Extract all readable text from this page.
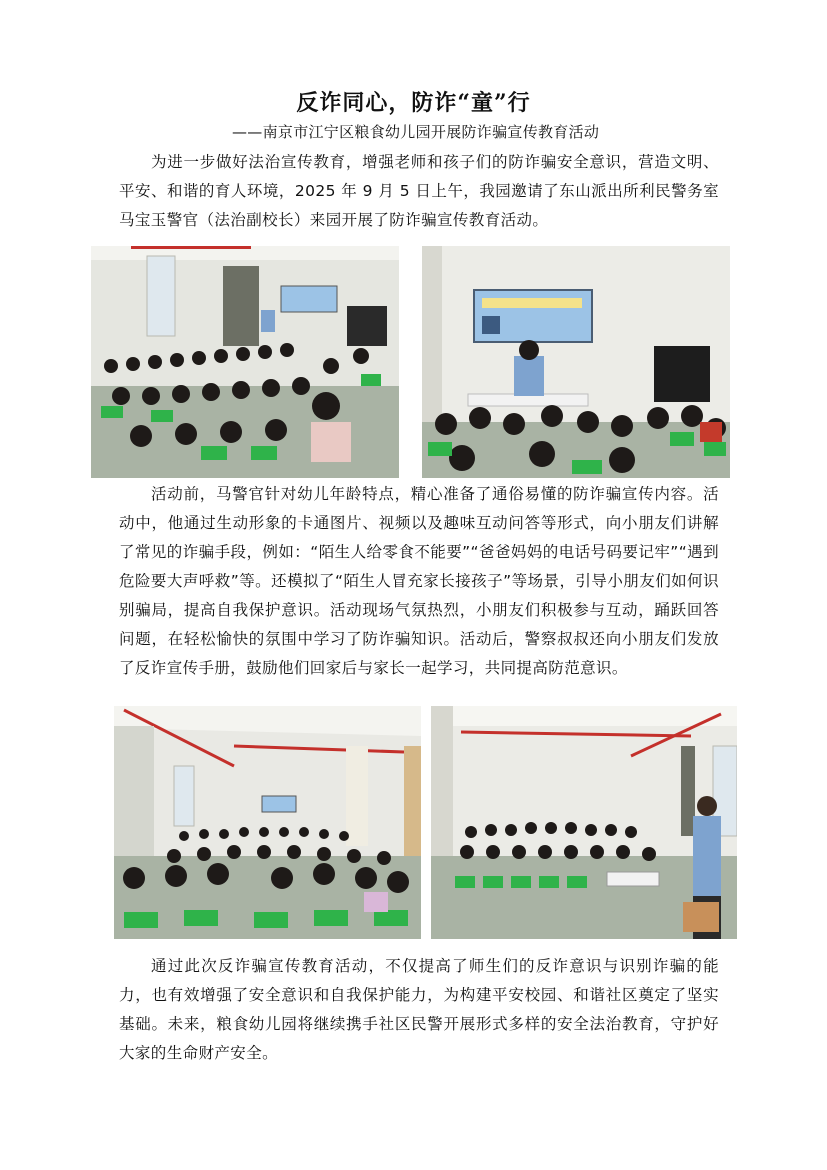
反诈同心，防诈“童”行
——南京市江宁区粮食幼儿园开展防诈骗宣传教育活动

为进一步做好法治宣传教育，增强老师和孩子们的防诈骗安全意识，营造文明、平安、和谐的育人环境，2025 年 9 月 5 日上午，我园邀请了东山派出所利民警务室马宝玉警官（法治副校长）来园开展了防诈骗宣传教育活动。

活动前，马警官针对幼儿年龄特点，精心准备了通俗易懂的防诈骗宣传内容。活动中，他通过生动形象的卡通图片、视频以及趣味互动问答等形式，向小朋友们讲解了常见的诈骗手段，例如：“陌生人给零食不能要”“爸爸妈妈的电话号码要记牢”“遇到危险要大声呼救”等。还模拟了“陌生人冒充家长接孩子”等场景，引导小朋友们如何识别骗局，提高自我保护意识。活动现场气氛热烈，小朋友们积极参与互动，踊跃回答问题，在轻松愉快的氛围中学习了防诈骗知识。活动后，警察叔叔还向小朋友们发放了反诈宣传手册，鼓励他们回家后与家长一起学习，共同提高防范意识。

通过此次反诈骗宣传教育活动，不仅提高了师生们的反诈意识与识别诈骗的能力，也有效增强了安全意识和自我保护能力，为构建平安校园、和谐社区奠定了坚实基础。未来，粮食幼儿园将继续携手社区民警开展形式多样的安全法治教育，守护好大家的生命财产安全。
